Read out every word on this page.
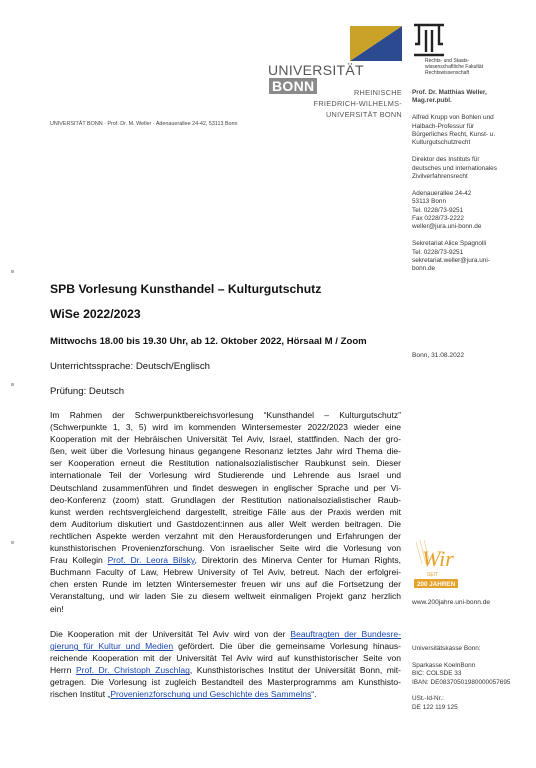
UNIVERSITÄTBONN	RHEINISCHE
FRIEDRICH-WILHELMS-
UNIVERSITÄT BONN
Rechts- und Staats-
wissenschaftliche Fakultät
Rechtswissenschaft
UNIVERSITÄT BONN · Prof. Dr. M. Weller · Adenauerallee 24-42, 53113 Bonn

Prof. Dr. Matthias Weller,
Mag.rer.publ.

Alfred Krupp von Bohlen und
Halbach-Professur für
Bürgerliches Recht, Kunst- u.
Kulturgutschutzrecht

Direktor des Instituts für
deutsches und internationales
Zivilverfahrensrecht

Adenauerallee 24-42
53113 Bonn
Tel. 0228/73-9251
Fax 0228/73-2222
weller@jura.uni-bonn.de

Sekretariat Alice Spagnolli
Tel. 0228/73-9251
sekretariat.weller@jura.uni-
bonn.de

Bonn, 31.08.2022
SPB Vorlesung Kunsthandel – Kulturgutschutz
WiSe 2022/2023
Mittwochs 18.00 bis 19.30 Uhr, ab 12. Oktober 2022, Hörsaal M / Zoom
Unterrichtssprache: Deutsch/Englisch
Prüfung: Deutsch
Im Rahmen der Schwerpunktbereichsvorlesung “Kunsthandel – Kulturgutschutz”
(Schwerpunkte 1, 3, 5) wird im kommenden Wintersemester 2022/2023 wieder eine
Kooperation mit der Hebräischen Universität Tel Aviv, Israel, stattfinden. Nach der gro-
ßen, weit über die Vorlesung hinaus gegangene Resonanz letztes Jahr wird Thema die-
ser Kooperation erneut die Restitution nationalsozialistischer Raubkunst sein. Dieser
internationale Teil der Vorlesung wird Studierende und Lehrende aus Israel und
Deutschland zusammenführen und findet deswegen in englischer Sprache und per Vi-
deo-Konferenz (zoom) statt. Grundlagen der Restitution nationalsozialistischer Raub-
kunst werden rechtsvergleichend dargestellt, streitige Fälle aus der Praxis werden mit
dem Auditorium diskutiert und Gastdozent:innen aus aller Welt werden beitragen. Die
rechtlichen Aspekte werden verzahnt mit den Herausforderungen und Erfahrungen der
kunsthistorischen Provenienzforschung. Von israelischer Seite wird die Vorlesung von
Frau Kollegin Prof. Dr. Leora Bilsky, Direktorin des Minerva Center for Human Rights,
Buchmann Faculty of Law, Hebrew University of Tel Aviv, betreut. Nach der erfolgrei-
chen ersten Runde im letzten Wintersemester freuen wir uns auf die Fortsetzung der
Veranstaltung, und wir laden Sie zu diesem weltweit einmaligen Projekt ganz herzlich
ein!
Die Kooperation mit der Universität Tel Aviv wird von der Beauftragten der Bundesre-
gierung für Kultur und Medien gefördert. Die über die gemeinsame Vorlesung hinaus-
reichende Kooperation mit der Universität Tel Aviv wird auf kunsthistorischer Seite von
Herrn Prof. Dr. Christoph Zuschlag, Kunsthistorisches Institut der Universität Bonn, mit-
getragen. Die Vorlesung ist zugleich Bestandteil des Masterprogramms am Kunsthisto-
rischen Institut „Provenienzforschung und Geschichte des Sammelns“.
Wir
SEIT
200 JAHREN
www.200jahre.uni-bonn.de

Universitätskasse Bonn:

Sparkasse KoelnBonn
BIC: COLSDE 33
IBAN: DE08370501980000057695

USt.-Id-Nr.:
DE 122 119 125
